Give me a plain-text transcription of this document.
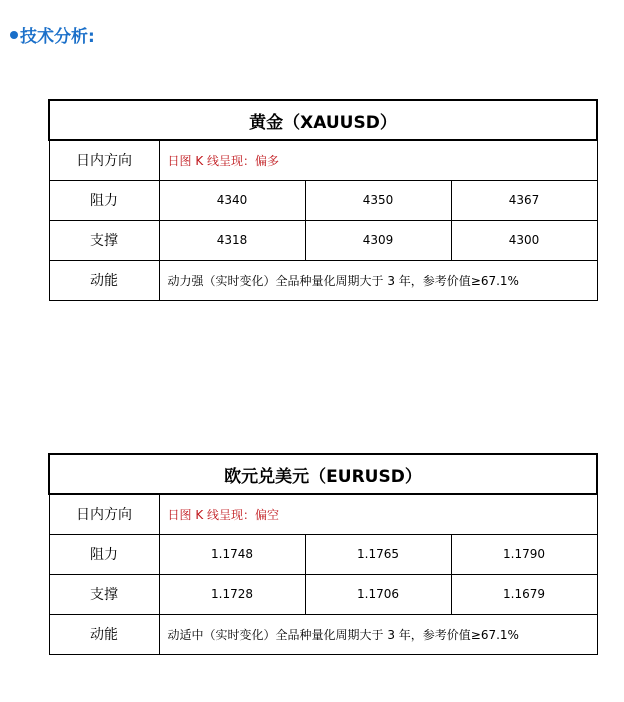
技术分析:
黄金（XAUUSD）			
日内方向	日图 K 线呈现：偏多		
阻力	4340	4350	4367
支撑	4318	4309	4300
动能	动力强（实时变化）全品种量化周期大于 3 年，参考价值≥67.1%		
欧元兑美元（EURUSD）			
日内方向	日图 K 线呈现：偏空		
阻力	1.1748	1.1765	1.1790
支撑	1.1728	1.1706	1.1679
动能	动适中（实时变化）全品种量化周期大于 3 年，参考价值≥67.1%		
